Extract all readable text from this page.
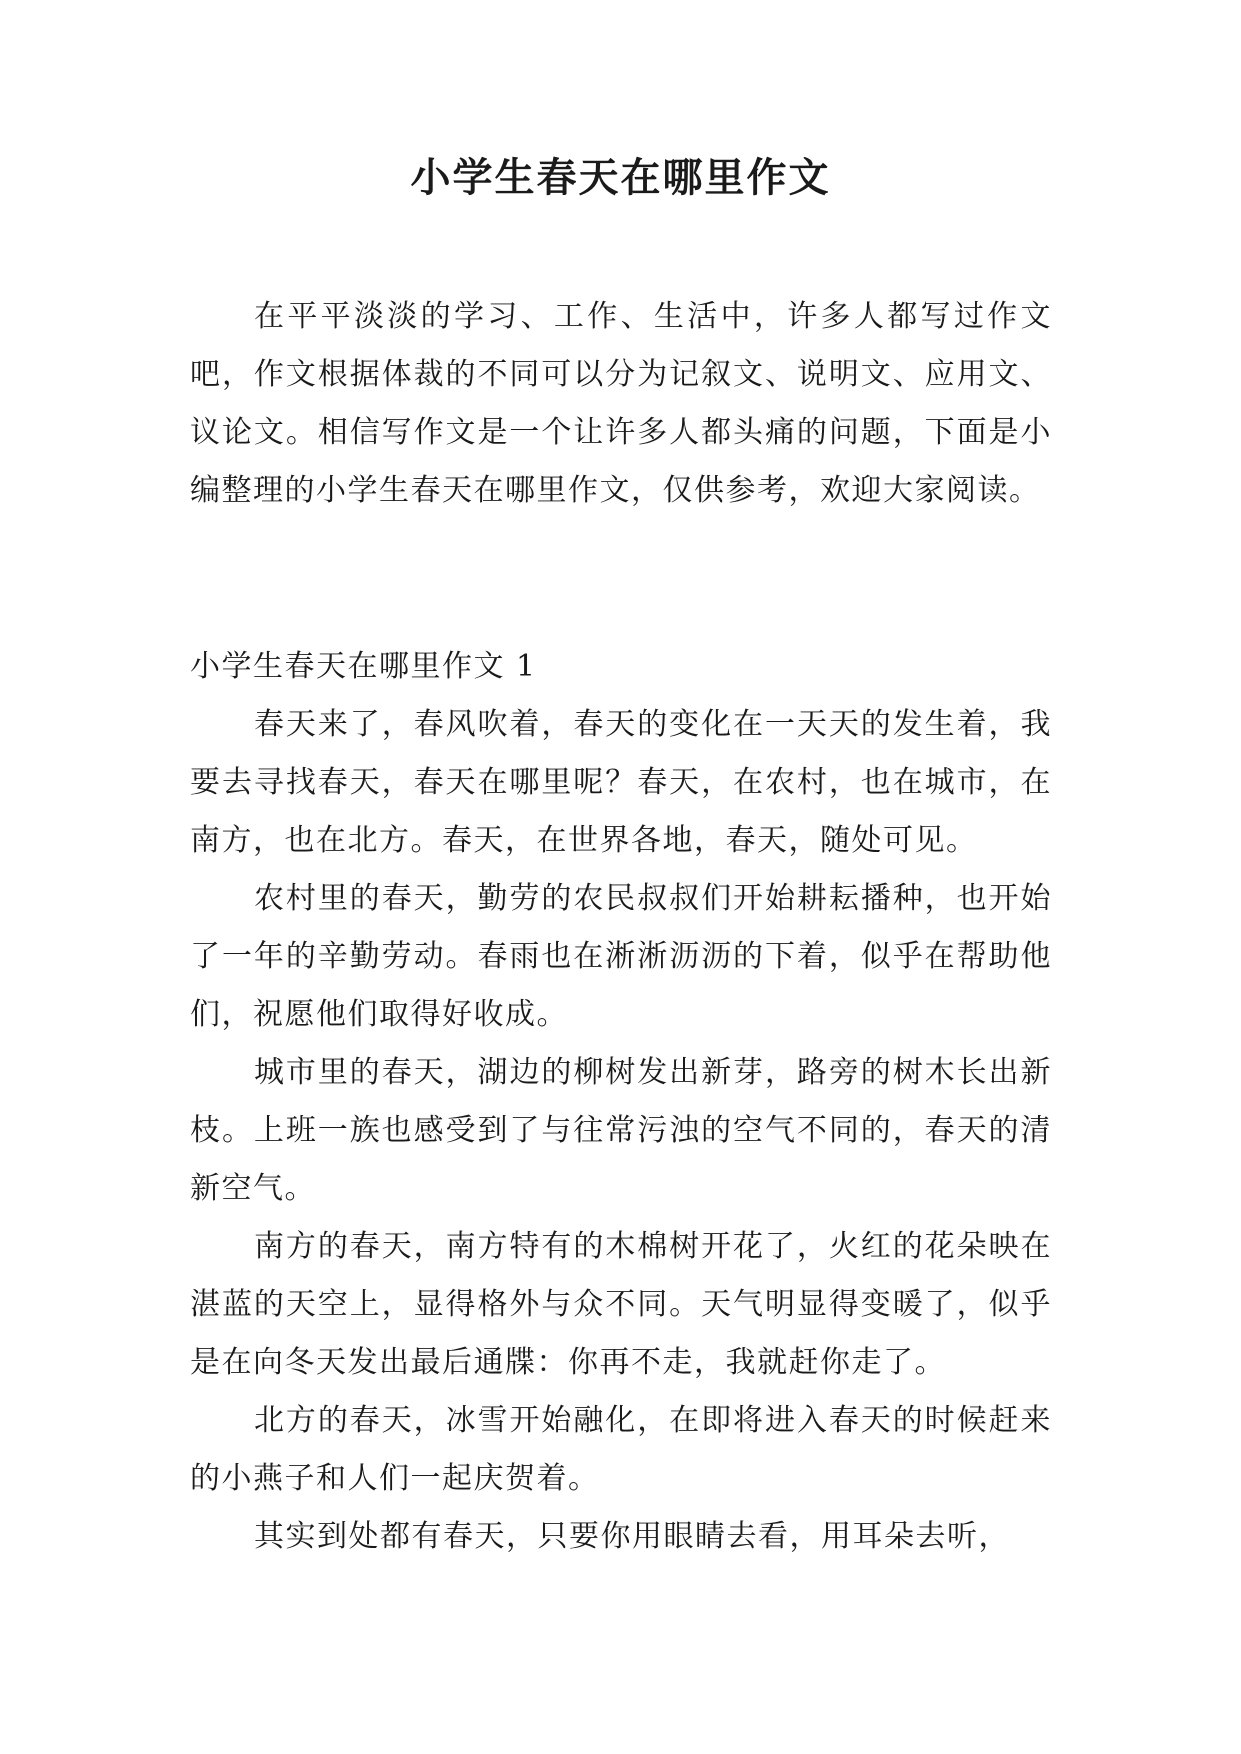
小学生春天在哪里作文

在平平淡淡的学习、工作、生活中，许多人都写过作文吧，作文根据体裁的不同可以分为记叙文、说明文、应用文、议论文。相信写作文是一个让许多人都头痛的问题，下面是小编整理的小学生春天在哪里作文，仅供参考，欢迎大家阅读。

小学生春天在哪里作文 1

春天来了，春风吹着，春天的变化在一天天的发生着，我要去寻找春天，春天在哪里呢？春天，在农村，也在城市，在南方，也在北方。春天，在世界各地，春天，随处可见。

农村里的春天，勤劳的农民叔叔们开始耕耘播种，也开始了一年的辛勤劳动。春雨也在淅淅沥沥的下着，似乎在帮助他们，祝愿他们取得好收成。

城市里的春天，湖边的柳树发出新芽，路旁的树木长出新枝。上班一族也感受到了与往常污浊的空气不同的，春天的清新空气。

南方的春天，南方特有的木棉树开花了，火红的花朵映在湛蓝的天空上，显得格外与众不同。天气明显得变暖了，似乎是在向冬天发出最后通牒：你再不走，我就赶你走了。

北方的春天，冰雪开始融化，在即将进入春天的时候赶来的小燕子和人们一起庆贺着。

其实到处都有春天，只要你用眼睛去看，用耳朵去听，
